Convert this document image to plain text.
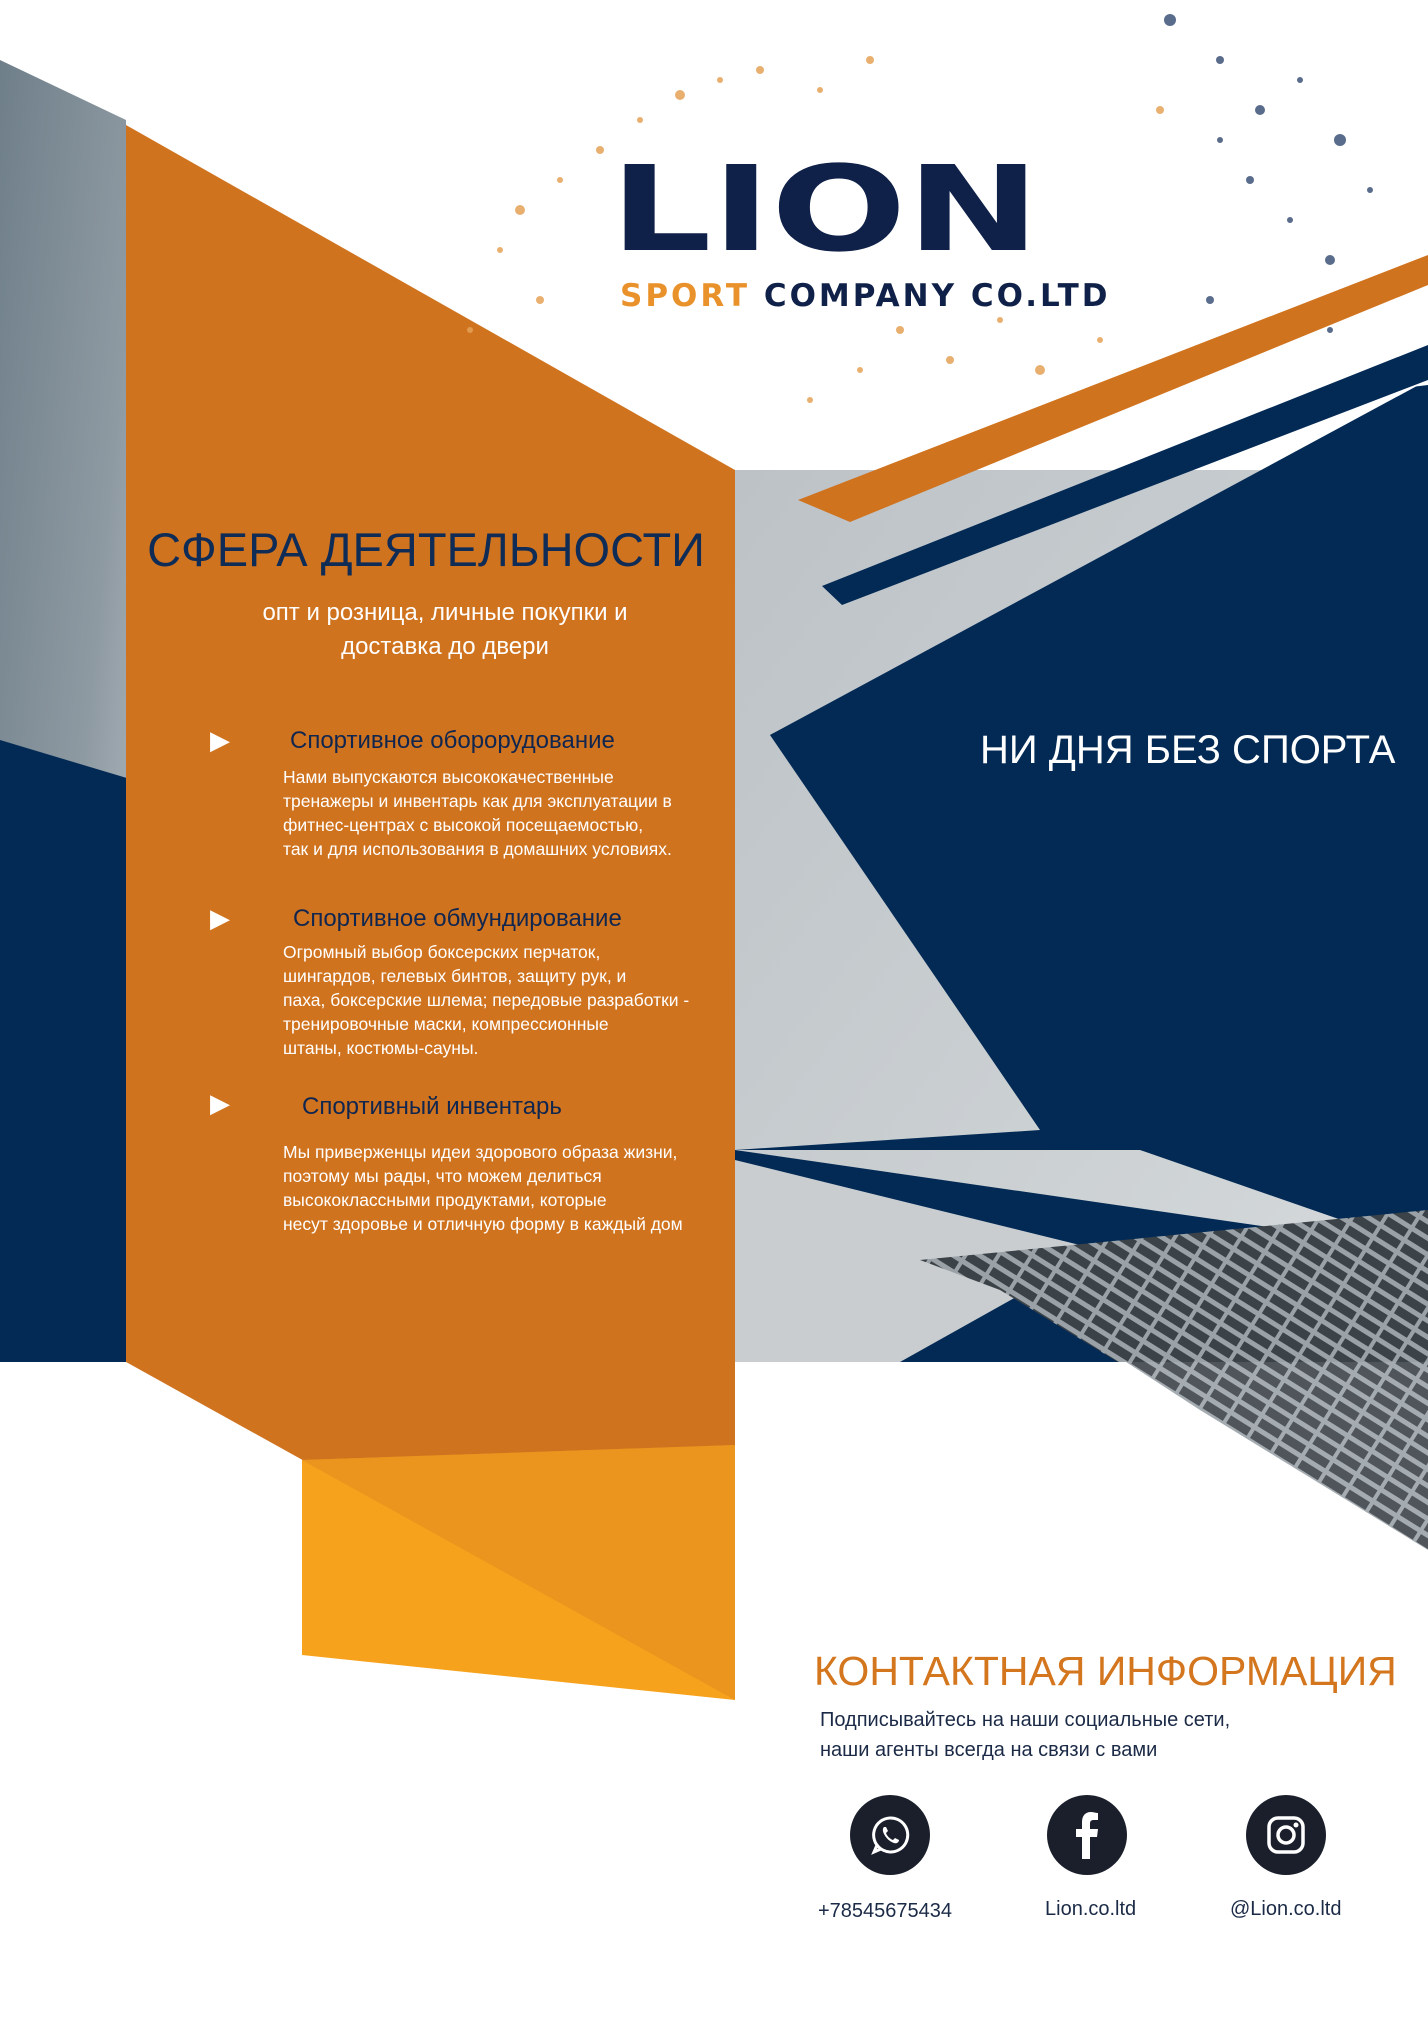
LION
SPORT COMPANY CO.LTD
СФЕРА ДЕЯТЕЛЬНОСТИ
опт и розница, личные покупки и
доставка до двери
▶	Спортивное обороруд​ование
Нами выпускаются высококачественные
тренажеры и инвентарь как для эксплуатации в
фитнес-центрах с высокой посещаемостью,
так и для использования в домашних условиях.
▶	Спортивное обмундирование
Огромный выбор боксерских перчаток,
шингардов, гелевых бинтов, защиту рук, и
паха, боксерские шлема; передовые разработки -
тренировочные маски, компрессионные
штаны, костюмы-сауны.
▶	Спортивный инвентарь
Мы приверженцы идеи здорового образа жизни,
поэтому мы рады, что можем делиться
высококлассными продуктами, которые
несут здоровье и отличную форму в каждый дом
НИ ДНЯ БЕЗ СПОРТА
КОНТАКТНАЯ ИНФОРМАЦИЯ
Подписывайтесь на наши социальные сети,
наши агенты всегда на связи с вами
+78545675434	Lion.co.ltd	@Lion.co.ltd
